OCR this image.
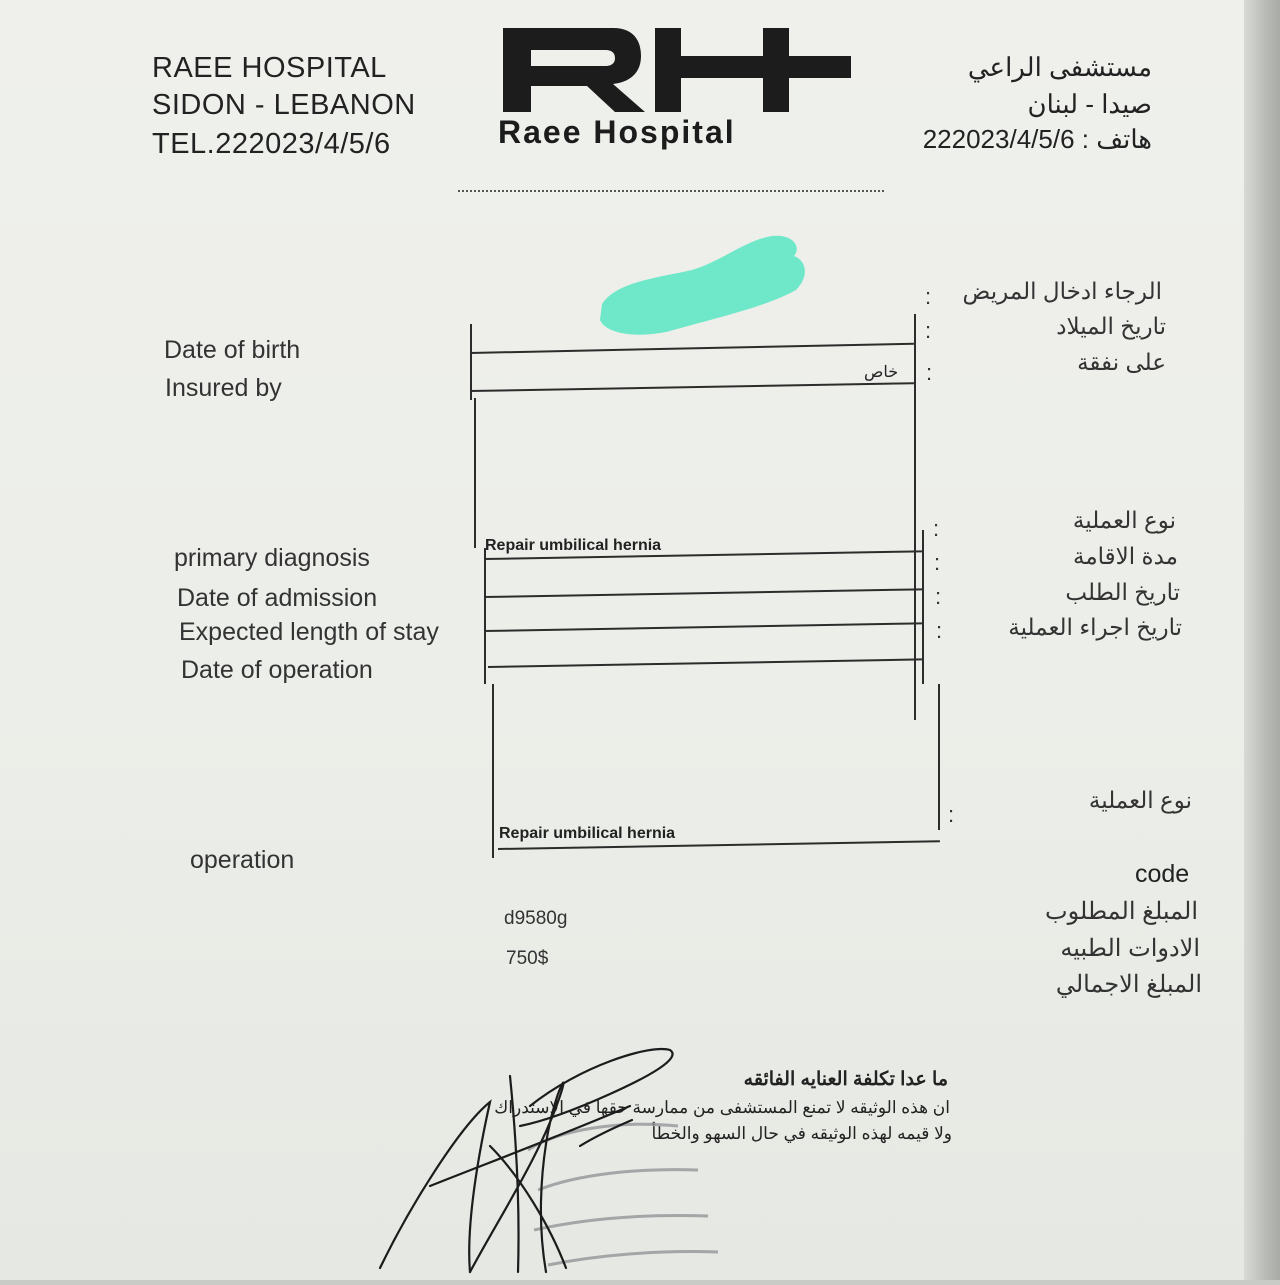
RAEE HOSPITAL
SIDON - LEBANON
TEL.222023/4/5/6	Raee Hospital
مستشفى الراعي
صيدا - لبنان
هاتف : 222023/4/5/6
Date of birth
Insured by
الرجاء ادخال المريض
تاريخ الميلاد
على نفقة
:
:
:
خاص
Repair umbilical hernia
primary diagnosis
Date of admission
Expected length of stay
Date of operation
نوع العملية
مدة الاقامة
تاريخ الطلب
تاريخ اجراء العملية
:
:
:
:
Repair umbilical hernia
:
operation
نوع العملية
code
d9580g
750$
المبلغ المطلوب
الادوات الطبيه
المبلغ الاجمالي
ما عدا تكلفة العنايه الفائقه
ان هذه الوثيقه لا تمنع المستشفى من ممارسة حقها في الاستدراك
ولا قيمه لهذه الوثيقه في حال السهو والخطأ
